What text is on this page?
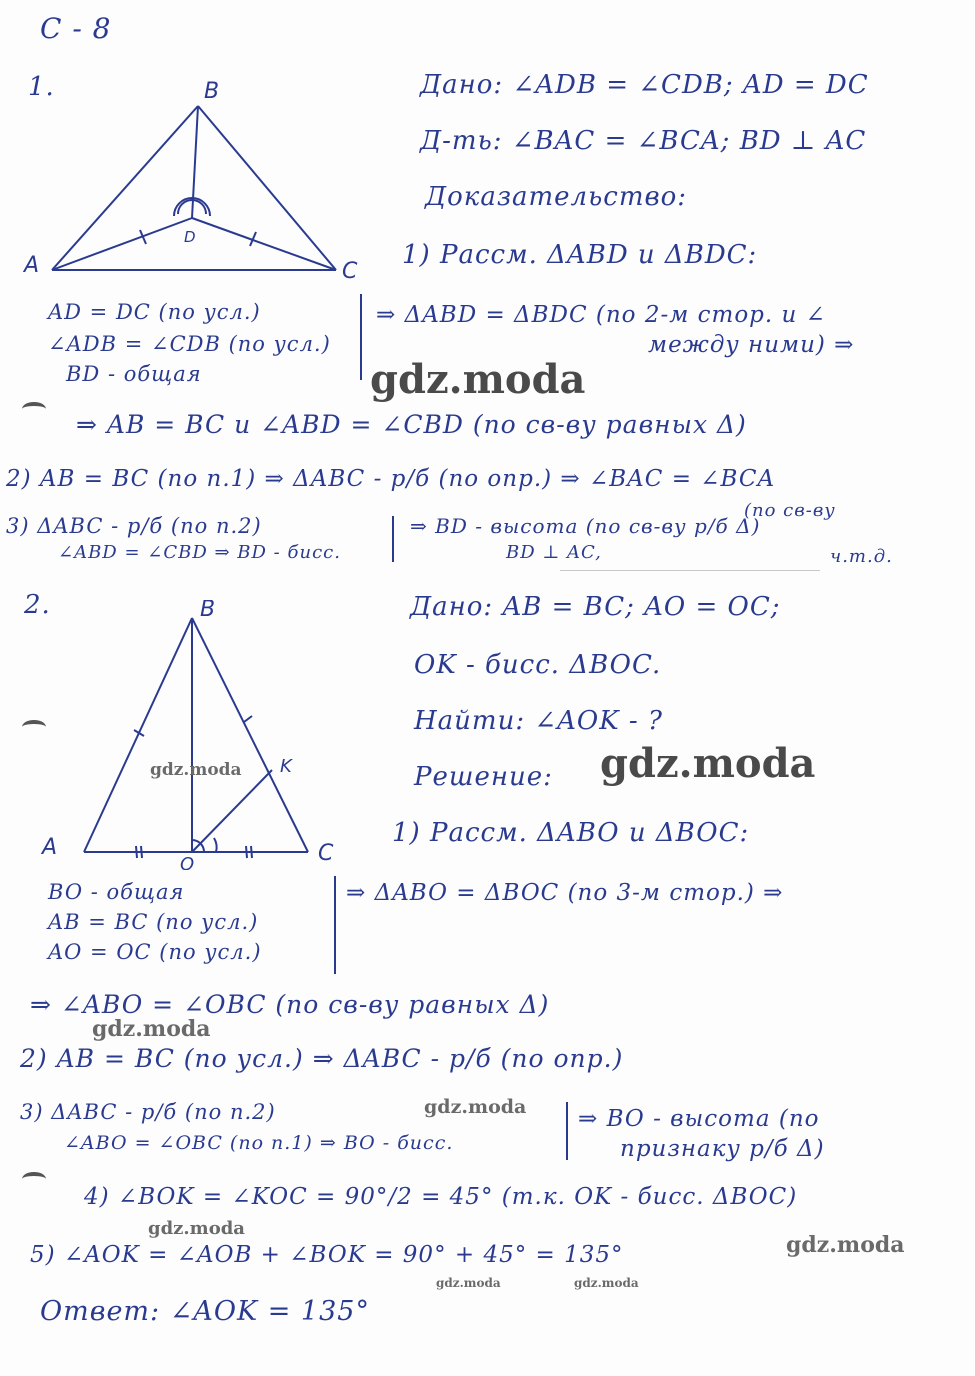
С - 8
1.
A
B
C
D
Дано: ∠ADB = ∠CDB; AD = DC
Д-ть: ∠BAC = ∠BCA; BD ⊥ AC
Доказательство:
1) Рассм. ΔABD и ΔBDC:
AD = DC (по усл.)
∠ADB = ∠CDB (по усл.)
BD - общая
⇒ ΔABD = ΔBDC (по 2-м стор. и ∠
между ними) ⇒
⇒ AB = BC и ∠ABD = ∠CBD (по св-ву равных Δ)
2) AB = BC (по п.1) ⇒ ΔABC - р/б (по опр.) ⇒ ∠BAC = ∠BCA
(по св-ву
3) ΔABC - р/б (по п.2)
∠ABD = ∠CBD ⇒ BD - бисс.
⇒ BD - высота (по св-ву р/б Δ)
BD ⊥ AC,	ч.т.д.
2.
A
B
C
O
K
Дано: AB = BC; AO = OC;
OK - бисс. ΔBOC.
Найти: ∠AOK - ?
Решение:
1) Рассм. ΔABO и ΔBOC:
BO - общая
AB = BC (по усл.)
AO = OC (по усл.)
⇒ ΔABO = ΔBOC (по 3-м стор.) ⇒
⇒ ∠ABO = ∠OBC (по св-ву равных Δ)
2) AB = BC (по усл.) ⇒ ΔABC - р/б (по опр.)
3) ΔABC - р/б (по п.2)
∠ABO = ∠OBC (по п.1) ⇒ BO - бисс.
⇒ BO - высота (по
признаку р/б Δ)
4) ∠BOK = ∠KOC = 90°/2 = 45° (т.к. OK - бисс. ΔBOC)
5) ∠AOK = ∠AOB + ∠BOK = 90° + 45° = 135°
Ответ: ∠AOK = 135°
gdz.moda
gdz.moda
gdz.moda
gdz.moda
gdz.moda
gdz.moda
gdz.moda
gdz.moda	gdz.moda
